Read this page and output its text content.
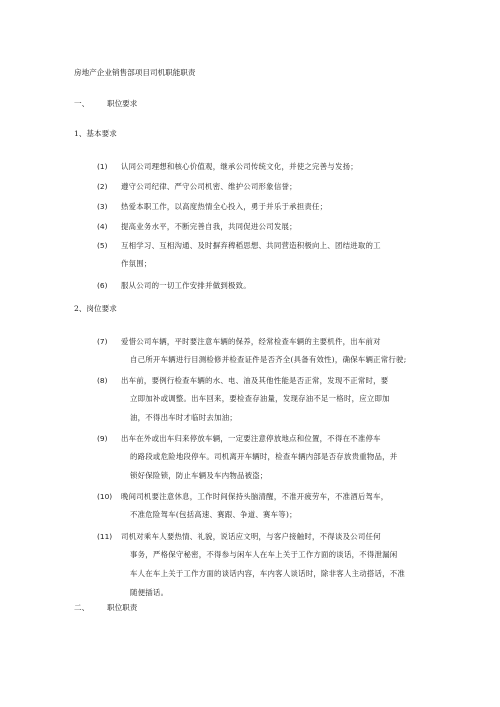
房地产企业销售部项目司机职能职责
一、 职位要求
1、基本要求
(1) 认同公司理想和核心价值观，继承公司传统文化，并使之完善与发扬；
(2) 遵守公司纪律、严守公司机密、维护公司形象信誉；
(3) 热爱本职工作，以高度热情全心投入，勇于并乐于承担责任；
(4) 提高业务水平，不断完善自我，共同促进公司发展；
(5) 互相学习、互相沟通、及时摒弃稗稻思想、共同营造积极向上、团结进取的工
作氛围；
(6) 服从公司的一切工作安排并做到极致。
2、岗位要求
(7) 爱惜公司车辆，平时要注意车辆的保养，经常检查车辆的主要机件，出车前对
自己所开车辆进行目测检修并检查证件是否齐全(具备有效性)，确保车辆正常行驶;
(8) 出车前，要例行检查车辆的水、电、油及其他性能是否正常，发现不正常时，要
立即加补或调整。出车回来，要检查存油量，发现存油不足一格时，应立即加
油，不得出车时才临时去加油；
(9) 出车在外或出车归来停放车辆，一定要注意停放地点和位置，不得在不准停车
的路段或危险地段停车。司机离开车辆时，检查车辆内部是否存放贵重物品，并
锁好保险锁，防止车辆及车内物品被盗；
(10) 晚间司机要注意休息，工作时间保持头脑清醒，不准开疲劳车，不准酒后驾车，
不准危险驾车(包括高速、赛跟、争道、赛车等)；
(11) 司机对乘车人要热情、礼貌，说话应文明，与客户接触时，不得谈及公司任何
事务，严格保守秘密，不得参与闲车人在车上关于工作方面的谈话，不得泄漏闲
车人在车上关于工作方面的谈话内容，车内客人谈话时，除非客人主动搭话，不准
随便插话。
二、 职位职责
